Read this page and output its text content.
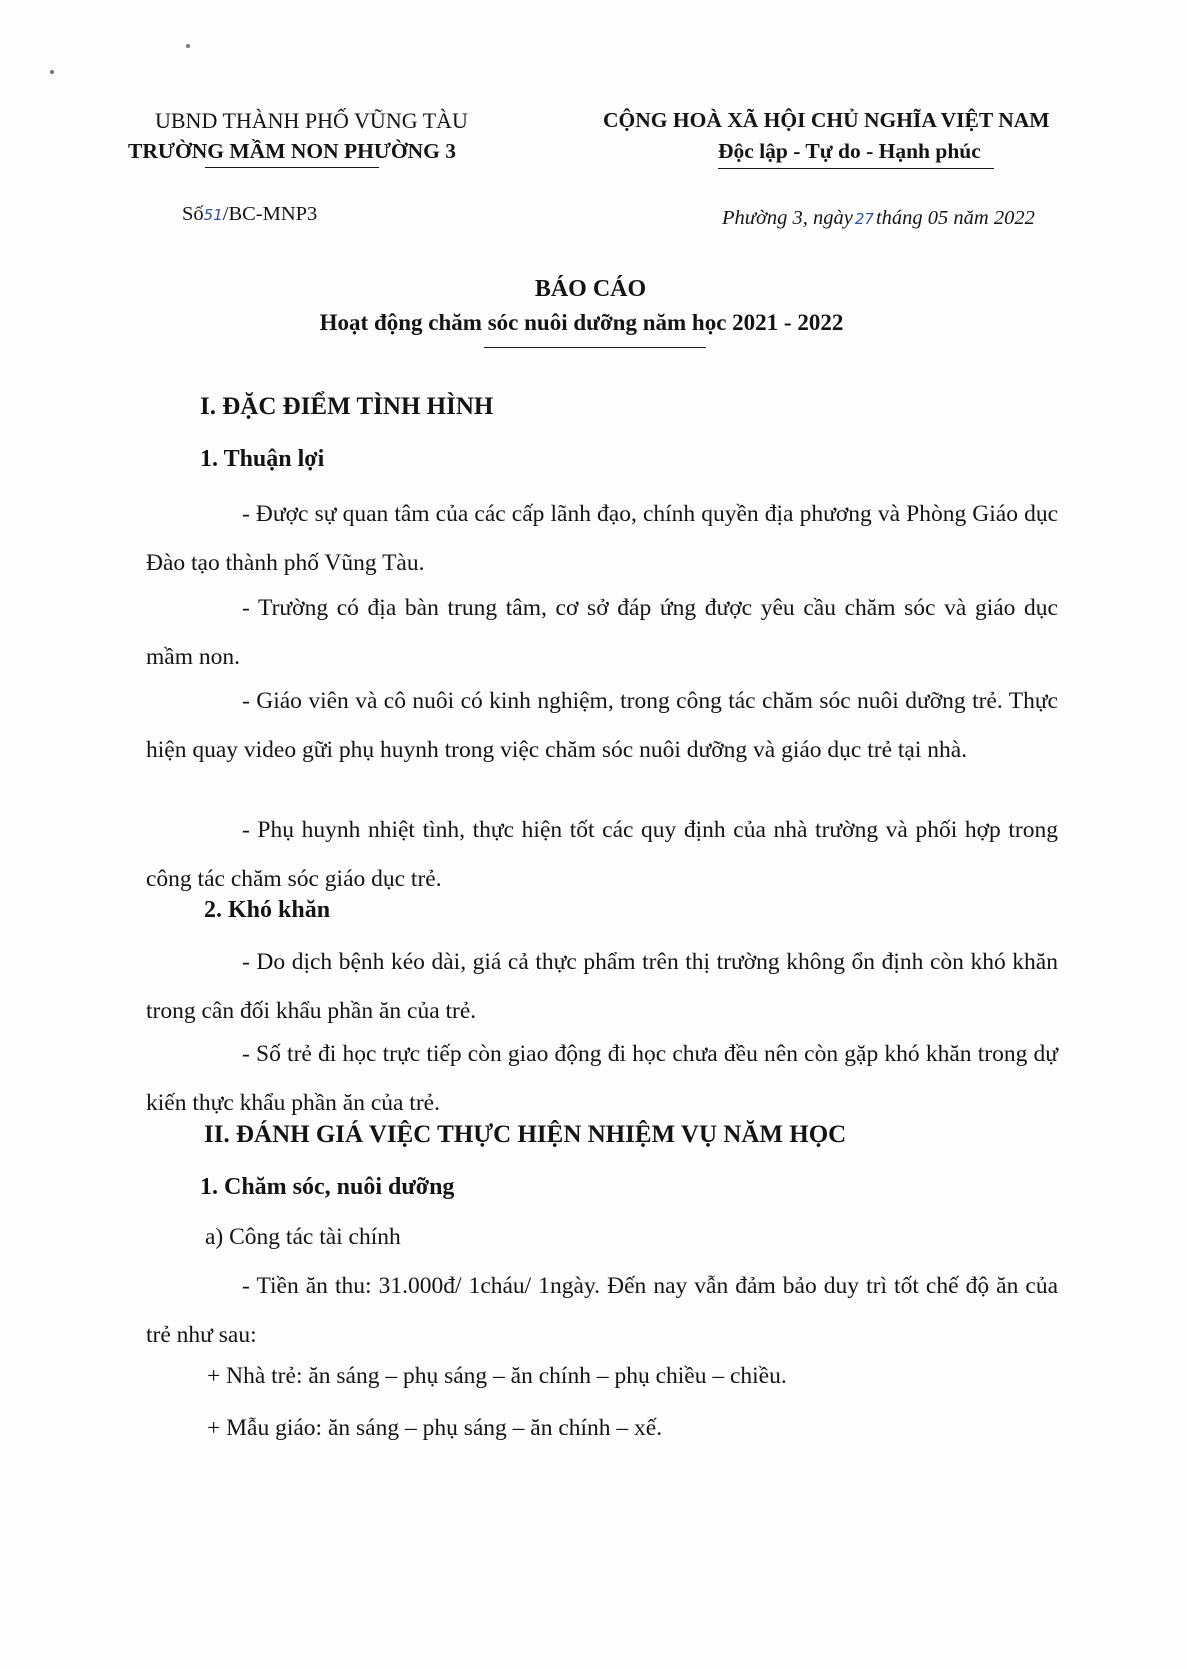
UBND THÀNH PHỐ VŨNG TÀU

TRƯỜNG MẦM NON PHƯỜNG 3

CỘNG HOÀ XÃ HỘI CHỦ NGHĨA VIỆT NAM

Độc lập - Tự do - Hạnh phúc

Số51/BC-MNP3	Phường 3, ngày 27tháng 05 năm 2022

BÁO CÁO

Hoạt động chăm sóc nuôi dưỡng năm học 2021 - 2022

I. ĐẶC ĐIỂM TÌNH HÌNH

1. Thuận lợi

- Được sự quan tâm của các cấp lãnh đạo, chính quyền địa phương và Phòng Giáo dục Đào tạo thành phố Vũng Tàu.

- Trường có địa bàn trung tâm, cơ sở đáp ứng được yêu cầu chăm sóc và giáo dục mầm non.

- Giáo viên và cô nuôi có kinh nghiệm, trong công tác chăm sóc nuôi dưỡng trẻ. Thực hiện quay video gữi phụ huynh trong việc chăm sóc nuôi dưỡng và giáo dục trẻ tại nhà.

- Phụ huynh nhiệt tình, thực hiện tốt các quy định của nhà trường và phối hợp trong công tác chăm sóc giáo dục trẻ.

2. Khó khăn

- Do dịch bệnh kéo dài, giá cả thực phẩm trên thị trường không ổn định còn khó khăn trong cân đối khẩu phần ăn của trẻ.

- Số trẻ đi học trực tiếp còn giao động đi học chưa đều nên còn gặp khó khăn trong dự kiến thực khẩu phần ăn của trẻ.

II. ĐÁNH GIÁ VIỆC THỰC HIỆN NHIỆM VỤ NĂM HỌC

1. Chăm sóc, nuôi dưỡng

a) Công tác tài chính

- Tiền ăn thu: 31.000đ/ 1cháu/ 1ngày. Đến nay vẫn đảm bảo duy trì tốt chế độ ăn của trẻ như sau:

+ Nhà trẻ: ăn sáng – phụ sáng – ăn chính – phụ chiều – chiều.

+ Mẫu giáo: ăn sáng – phụ sáng – ăn chính – xế.
